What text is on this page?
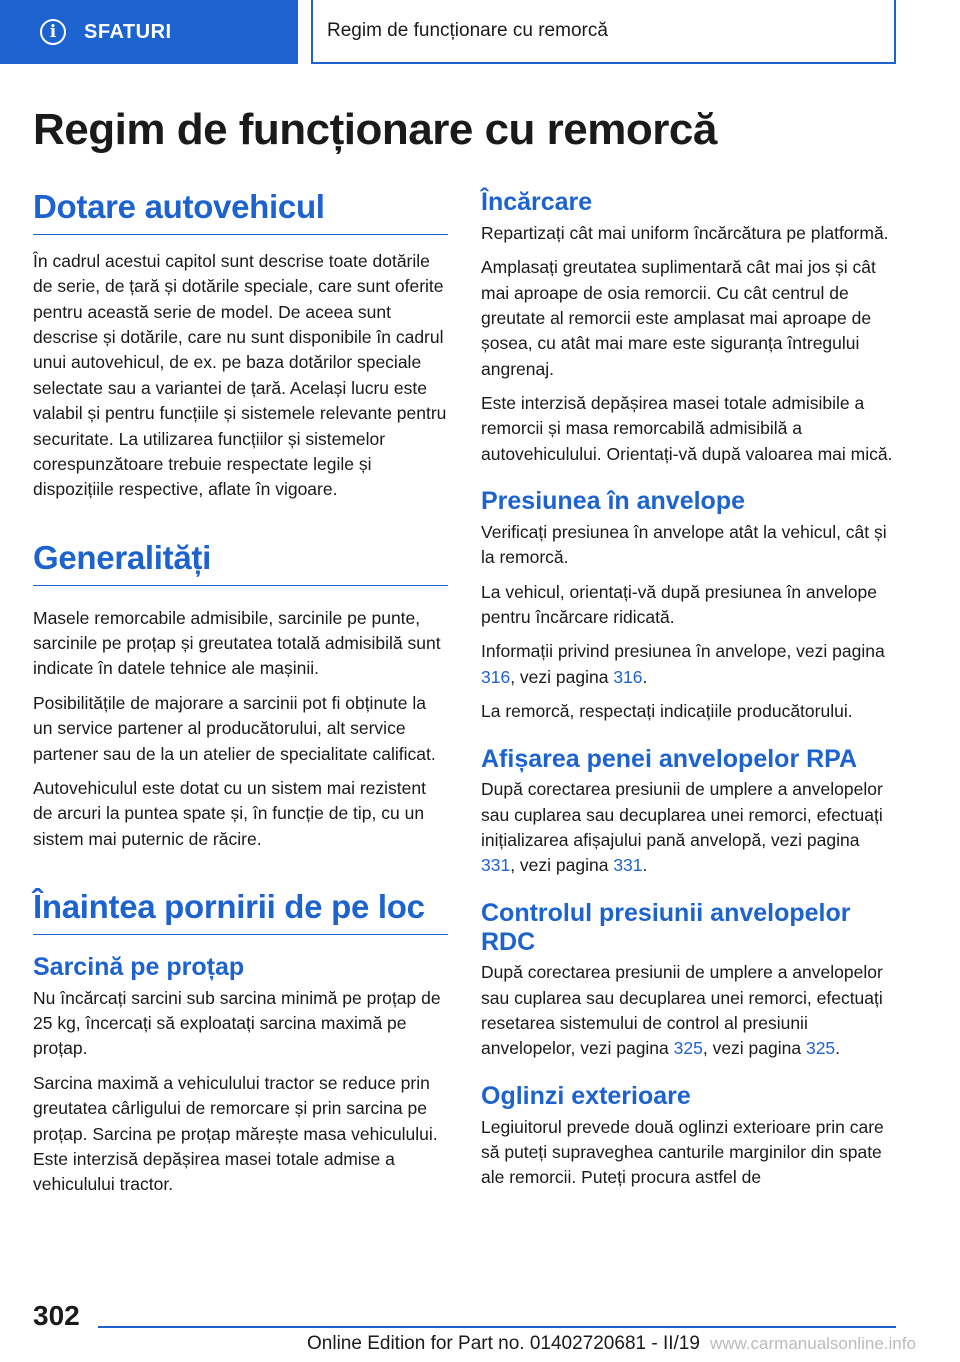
i	SFATURI	Regim de funcționare cu remorcă
Regim de funcționare cu remorcă
Dotare autovehicul

În cadrul acestui capitol sunt descrise toate dotările de serie, de țară și dotările speciale, care sunt oferite pentru această serie de model. De aceea sunt descrise și dotările, care nu sunt disponibile în cadrul unui autovehicul, de ex. pe baza dotărilor speciale selectate sau a variantei de țară. Același lucru este valabil și pentru funcțiile și sistemele relevante pentru securitate. La utilizarea funcțiilor și sistemelor corespunzătoare trebuie respectate legile și dispozițiile respective, aflate în vigoare.

Generalități

Masele remorcabile admisibile, sarcinile pe punte, sarcinile pe proțap și greutatea totală admisibilă sunt indicate în datele tehnice ale mașinii.

Posibilitățile de majorare a sarcinii pot fi obținute la un service partener al producătorului, alt service partener sau de la un atelier de specialitate calificat.

Autovehiculul este dotat cu un sistem mai rezistent de arcuri la puntea spate și, în funcție de tip, cu un sistem mai puternic de răcire.

Înaintea pornirii de pe loc
Sarcină pe proțap

Nu încărcați sarcini sub sarcina minimă pe proțap de 25 kg, încercați să exploatați sarcina maximă pe proțap.

Sarcina maximă a vehiculului tractor se reduce prin greutatea cârligului de remorcare și prin sarcina pe proțap. Sarcina pe proțap mărește masa vehiculului. Este interzisă depășirea masei totale admise a vehiculului tractor.

Încărcare

Repartizați cât mai uniform încărcătura pe platformă.

Amplasați greutatea suplimentară cât mai jos și cât mai aproape de osia remorcii. Cu cât centrul de greutate al remorcii este amplasat mai aproape de șosea, cu atât mai mare este siguranța întregului angrenaj.

Este interzisă depășirea masei totale admisibile a remorcii și masa remorcabilă admisibilă a autovehiculului. Orientați-vă după valoarea mai mică.

Presiunea în anvelope

Verificați presiunea în anvelope atât la vehicul, cât și la remorcă.

La vehicul, orientați-vă după presiunea în anvelope pentru încărcare ridicată.

Informații privind presiunea în anvelope, vezi pagina 316, vezi pagina 316.

La remorcă, respectați indicațiile producătorului.

Afișarea penei anvelopelor RPA

După corectarea presiunii de umplere a anvelopelor sau cuplarea sau decuplarea unei remorci, efectuați inițializarea afișajului pană anvelopă, vezi pagina 331, vezi pagina 331.

Controlul presiunii anvelopelor RDC

După corectarea presiunii de umplere a anvelopelor sau cuplarea sau decuplarea unei remorci, efectuați resetarea sistemului de control al presiunii anvelopelor, vezi pagina 325, vezi pagina 325.

Oglinzi exterioare

Legiuitorul prevede două oglinzi exterioare prin care să puteți supraveghea canturile marginilor din spate ale remorcii. Puteți procura astfel de

302
Online Edition for Part no. 01402720681 - II/19 www.carmanualsonline.info
